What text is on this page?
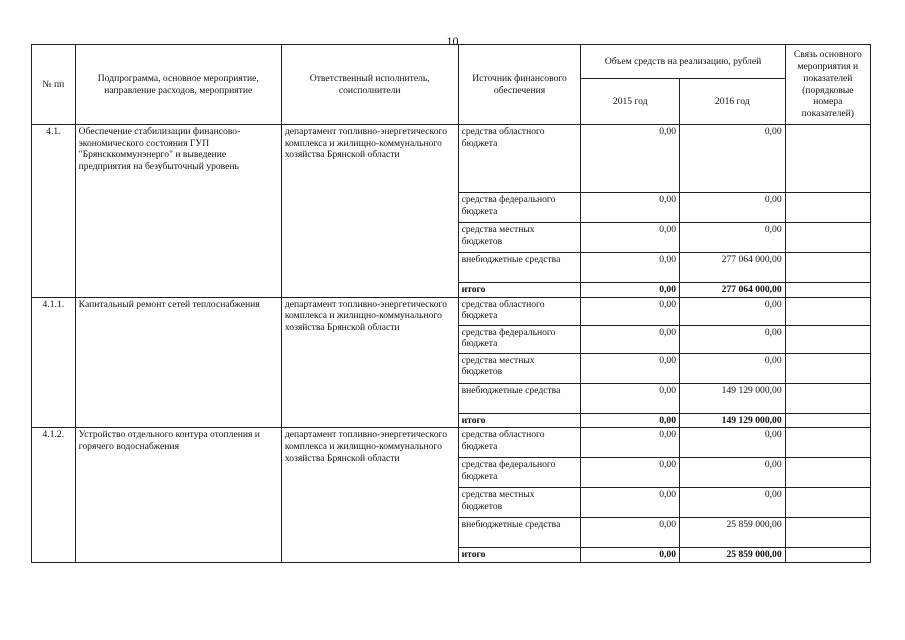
10
№ пп	Подпрограмма, основное мероприятие, направление расходов, мероприятие	Ответственный исполнитель, соисполнители	Источник финансового обеспечения	Объем средств на реализацию, рублей		Связь основного мероприятия и показателей (порядковые номера показателей)
				2015 год	2016 год	
4.1.	Обеспечение стабилизации финансово-экономического состояния ГУП "Брянсккоммунэнерго" и выведение предприятия на безубыточный уровень	департамент топливно-энергетического комплекса и жилищно-коммунального хозяйства Брянской области	средства областного бюджета	0,00	0,00	
			средства федерального бюджета	0,00	0,00	
			средства местных бюджетов	0,00	0,00	
			внебюджетные средства	0,00	277 064 000,00	
			итого	0,00	277 064 000,00	
4.1.1.	Капитальный ремонт сетей теплоснабжения	департамент топливно-энергетического комплекса и жилищно-коммунального хозяйства Брянской области	средства областного бюджета	0,00	0,00	
			средства федерального бюджета	0,00	0,00	
			средства местных бюджетов	0,00	0,00	
			внебюджетные средства	0,00	149 129 000,00	
			итого	0,00	149 129 000,00	
4.1.2.	Устройство отдельного контура отопления и горячего водоснабжения	департамент топливно-энергетического комплекса и жилищно-коммунального хозяйства Брянской области	средства областного бюджета	0,00	0,00	
			средства федерального бюджета	0,00	0,00	
			средства местных бюджетов	0,00	0,00	
			внебюджетные средства	0,00	25 859 000,00	
			итого	0,00	25 859 000,00	
